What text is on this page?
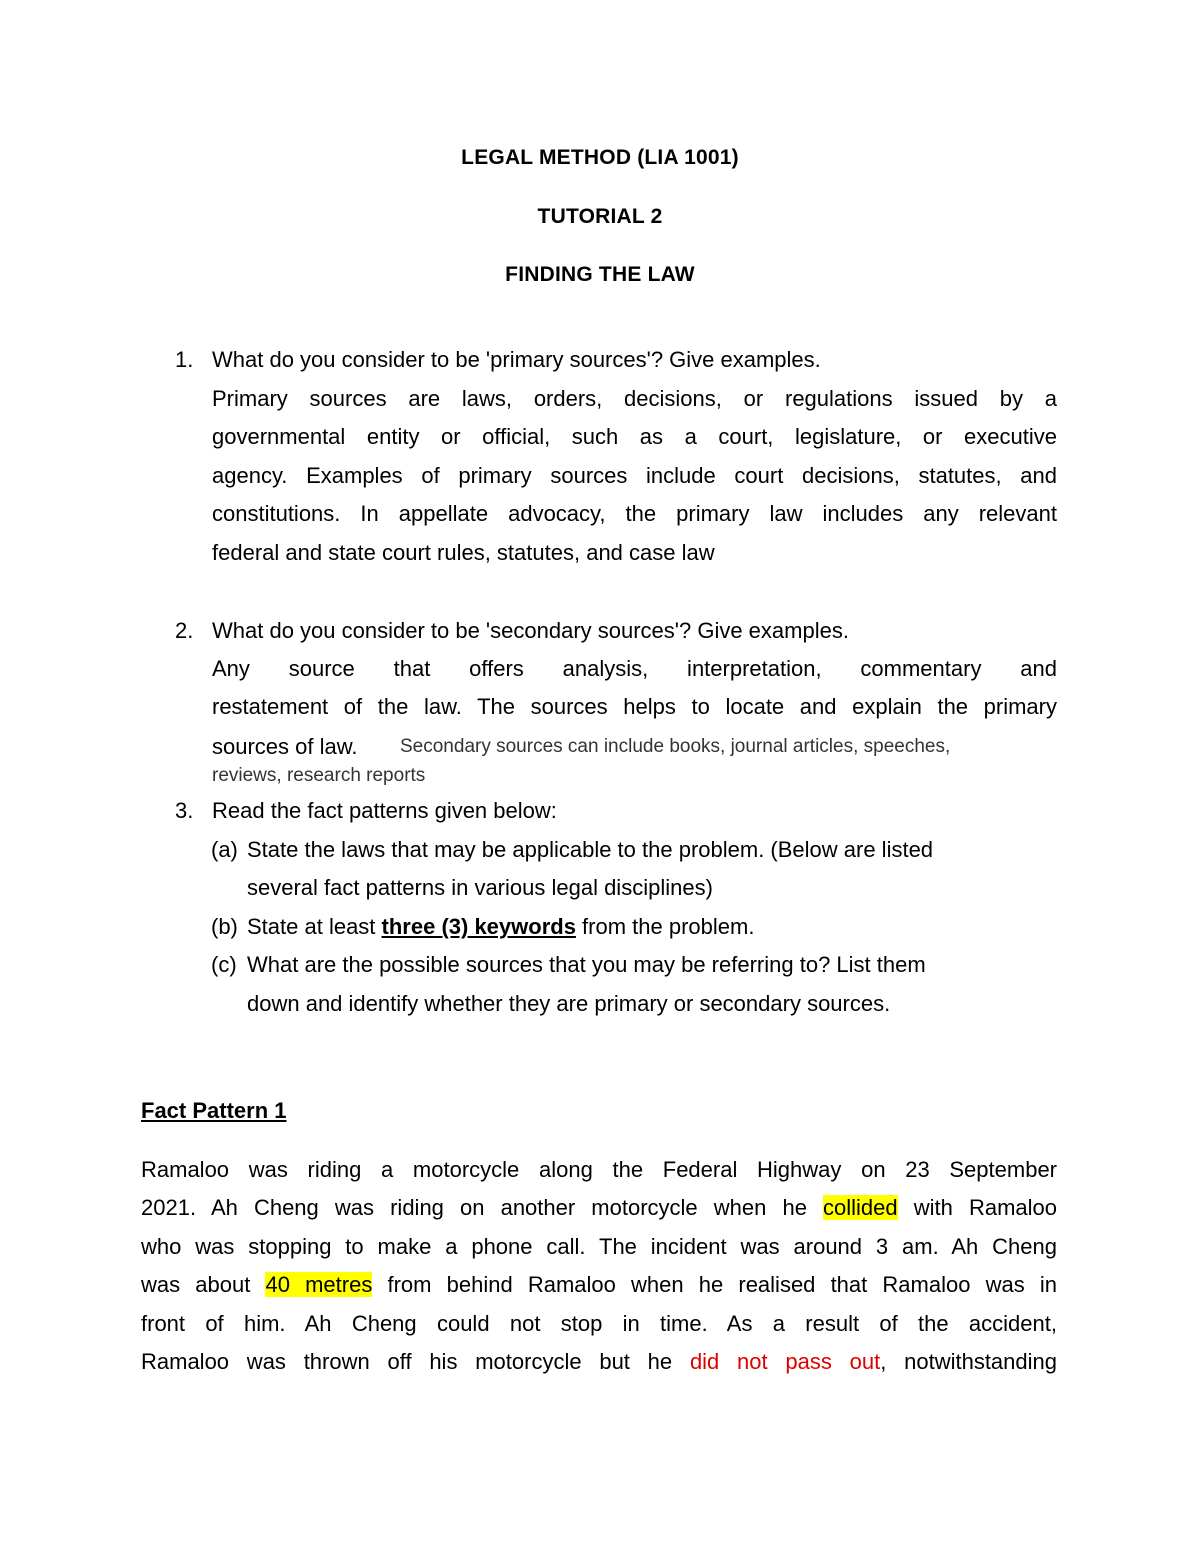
LEGAL METHOD (LIA 1001)
TUTORIAL 2
FINDING THE LAW
1. What do you consider to be 'primary sources'? Give examples.
Primary sources are laws, orders, decisions, or regulations issued by a
governmental entity or official, such as a court, legislature, or executive
agency. Examples of primary sources include court decisions, statutes, and
constitutions. In appellate advocacy, the primary law includes any relevant
federal and state court rules, statutes, and case law
2. What do you consider to be 'secondary sources'? Give examples.
Any source that offers analysis, interpretation, commentary and
restatement of the law. The sources helps to locate and explain the primary
sources of law. Secondary sources can include books, journal articles, speeches,
reviews, research reports
3. Read the fact patterns given below:
(a) State the laws that may be applicable to the problem. (Below are listed
several fact patterns in various legal disciplines)
(b) State at least three (3) keywords from the problem.
(c) What are the possible sources that you may be referring to? List them
down and identify whether they are primary or secondary sources.
Fact Pattern 1
Ramaloo was riding a motorcycle along the Federal Highway on 23 September
2021. Ah Cheng was riding on another motorcycle when he collided with Ramaloo
who was stopping to make a phone call. The incident was around 3 am. Ah Cheng
was about 40 metres from behind Ramaloo when he realised that Ramaloo was in
front of him. Ah Cheng could not stop in time. As a result of the accident,
Ramaloo was thrown off his motorcycle but he did not pass out, notwithstanding
